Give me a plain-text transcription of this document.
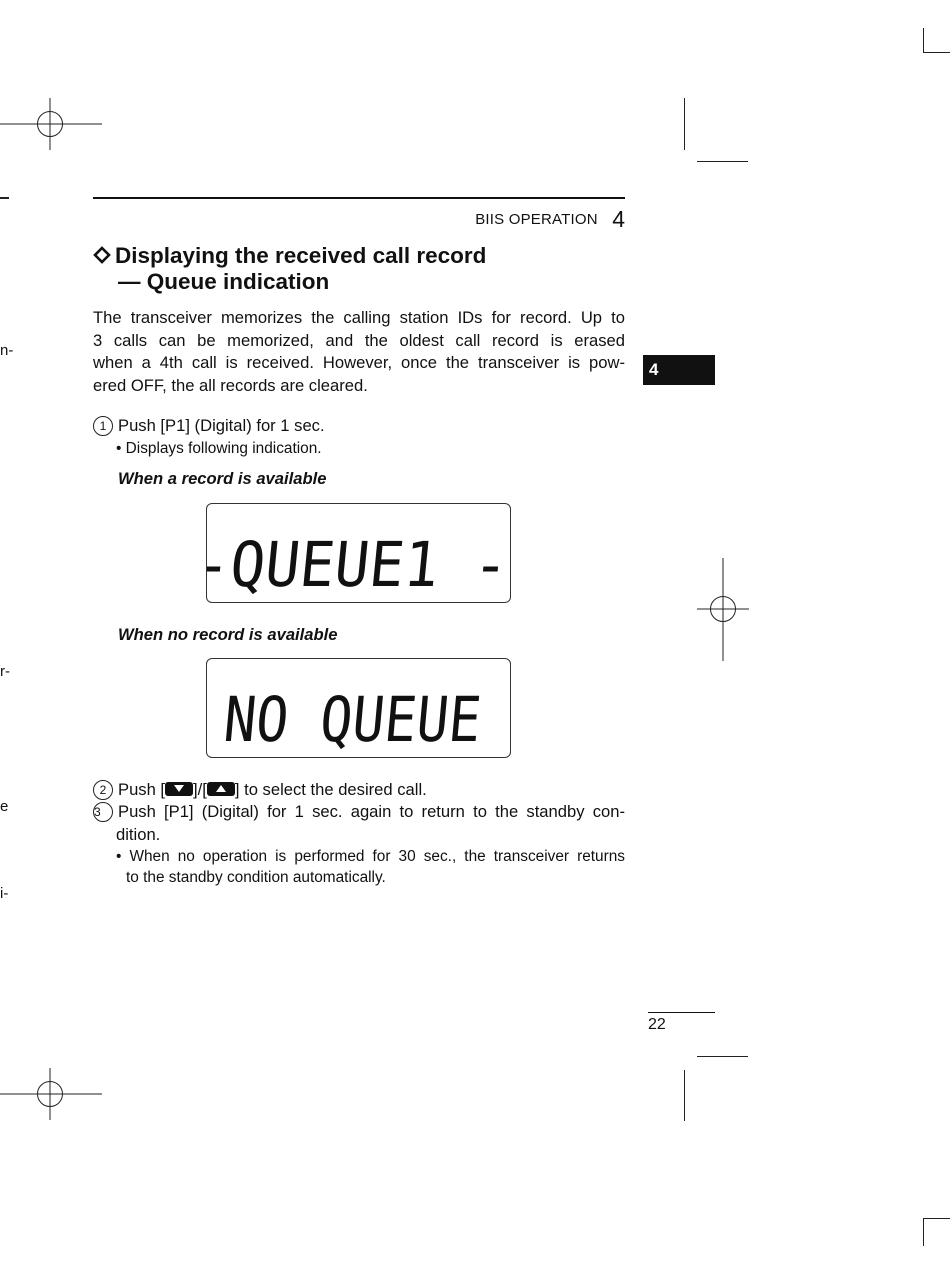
n-
r-
e
i-
BIIS OPERATION 4
4
Displaying the received call record
— Queue indication
The transceiver memorizes the calling station IDs for record. Up to
3 calls can be memorized, and the oldest call record is erased
when a 4th call is received. However, once the transceiver is pow-
ered OFF, the all records are cleared.
1 Push [P1] (Digital) for 1 sec.
• Displays following indication.
When a record is available
-QUEUE1 -
When no record is available
NO QUEUE
2 Push [ ]/[ ] to select the desired call.
3 Push [P1] (Digital) for 1 sec. again to return to the standby con-
dition.
• When no operation is performed for 30 sec., the transceiver returns
to the standby condition automatically.
22
